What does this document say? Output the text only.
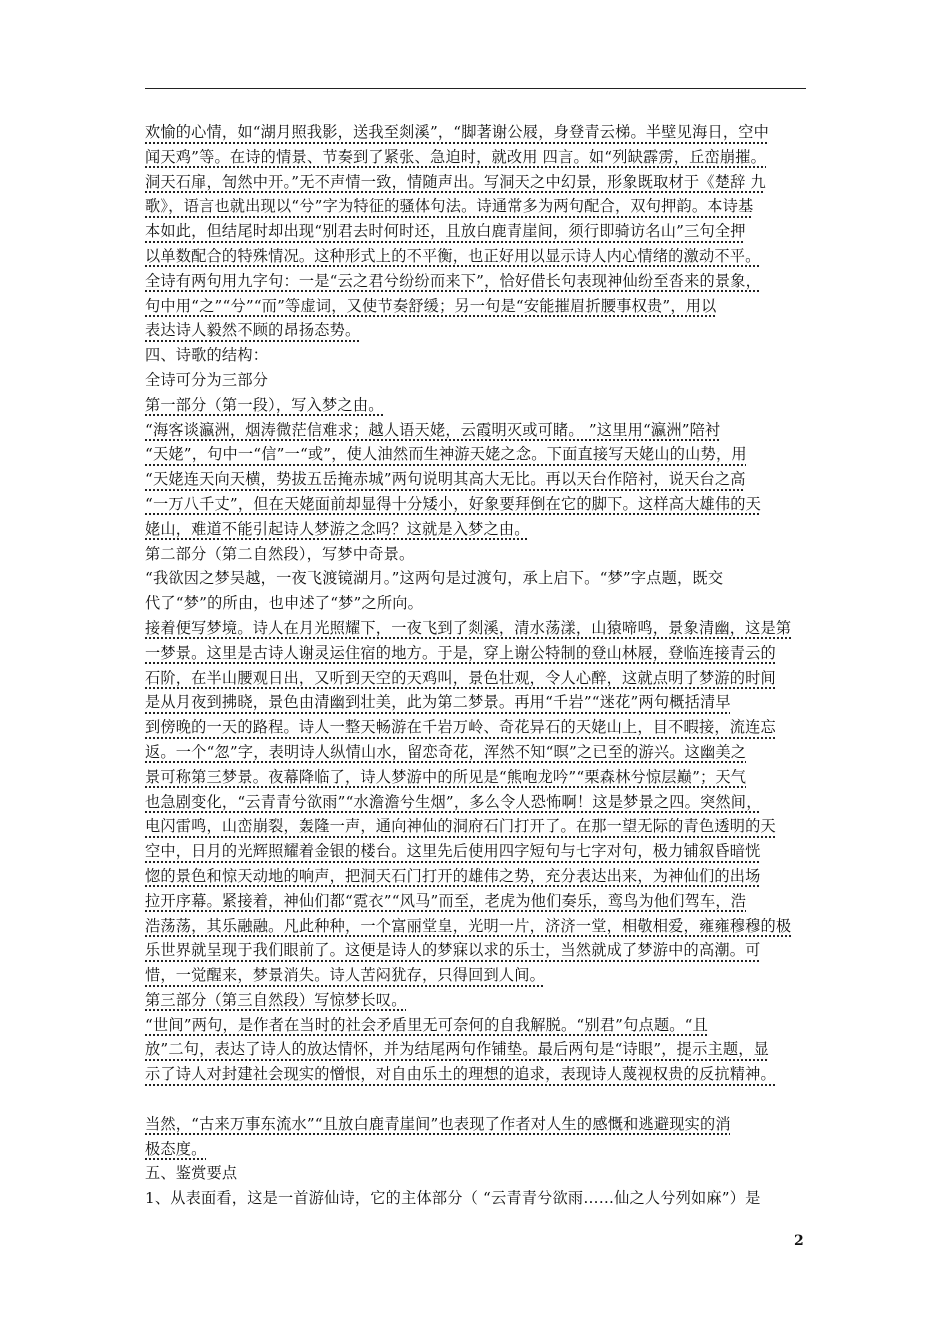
欢愉的心情，如“湖月照我影，送我至剡溪”，“脚著谢公屐，身登青云梯。半壁见海日，空中
闻天鸡”等。在诗的情景、节奏到了紧张、急迫时，就改用 四言。如“列缺霹雳，丘峦崩摧。
洞天石扉，訇然中开。”无不声情一致，情随声出。写洞天之中幻景，形象既取材于《楚辞 九
歌》，语言也就出现以“兮”字为特征的骚体句法。诗通常多为两句配合，双句押韵。本诗基
本如此，但结尾时却出现“别君去时何时还，且放白鹿青崖间，须行即骑访名山”三句全押
以单数配合的特殊情况。这种形式上的不平衡，也正好用以显示诗人内心情绪的激动不平。
全诗有两句用九字句：一是“云之君兮纷纷而来下”，恰好借长句表现神仙纷至沓来的景象，
句中用“之”“兮”“而”等虚词，又使节奏舒缓；另一句是“安能摧眉折腰事权贵”，用以
表达诗人毅然不顾的昂扬态势。
四、诗歌的结构：
全诗可分为三部分
第一部分（第一段），写入梦之由。
“海客谈瀛洲，烟涛微茫信难求；越人语天姥，云霞明灭或可睹。 ”这里用“瀛洲”陪衬
“天姥”，句中一“信”一“或”，使人油然而生神游天姥之念。下面直接写天姥山的山势，用
“天姥连天向天横，势拔五岳掩赤城”两句说明其高大无比。再以天台作陪衬，说天台之高
“一万八千丈”，但在天姥面前却显得十分矮小，好象要拜倒在它的脚下。这样高大雄伟的天
姥山，难道不能引起诗人梦游之念吗？这就是入梦之由。
第二部分（第二自然段），写梦中奇景。
“我欲因之梦吴越，一夜飞渡镜湖月。”这两句是过渡句，承上启下。“梦”字点题，既交
代了“梦”的所由，也申述了“梦”之所向。
接着便写梦境。诗人在月光照耀下，一夜飞到了剡溪，清水荡漾，山猿啼鸣，景象清幽，这是第
一梦景。这里是古诗人谢灵运住宿的地方。于是，穿上谢公特制的登山林屐，登临连接青云的
石阶，在半山腰观日出，又听到天空的天鸡叫，景色壮观，令人心醉，这就点明了梦游的时间
是从月夜到拂晓，景色由清幽到壮美，此为第二梦景。再用“千岩”“迷花”两句概括清早
到傍晚的一天的路程。诗人一整天畅游在千岩万岭、奇花异石的天姥山上，目不暇接，流连忘
返。一个“忽”字，表明诗人纵情山水，留恋奇花，浑然不知“暝”之已至的游兴。这幽美之
景可称第三梦景。夜幕降临了，诗人梦游中的所见是“熊咆龙吟”“栗森林兮惊层巅”；天气
也急剧变化，“云青青兮欲雨”“水澹澹兮生烟”，多么令人恐怖啊！这是梦景之四。突然间，
电闪雷鸣，山峦崩裂，轰隆一声，通向神仙的洞府石门打开了。在那一望无际的青色透明的天
空中，日月的光辉照耀着金银的楼台。这里先后使用四字短句与七字对句，极力铺叙昏暗恍
惚的景色和惊天动地的响声，把洞天石门打开的雄伟之势，充分表达出来，为神仙们的出场
拉开序幕。紧接着，神仙们都“霓衣”“风马”而至，老虎为他们奏乐，鸾鸟为他们驾车，浩
浩荡荡，其乐融融。凡此种种，一个富丽堂皇，光明一片，济济一堂，相敬相爱，雍雍穆穆的极
乐世界就呈现于我们眼前了。这便是诗人的梦寐以求的乐士，当然就成了梦游中的高潮。可
惜，一觉醒来，梦景消失。诗人苦闷犹存，只得回到人间。
第三部分（第三自然段）写惊梦长叹。
“世间”两句，是作者在当时的社会矛盾里无可奈何的自我解脱。“别君”句点题。“且
放”二句，表达了诗人的放达情怀，并为结尾两句作铺垫。最后两句是“诗眼”，提示主题，显
示了诗人对封建社会现实的憎恨，对自由乐土的理想的追求，表现诗人蔑视权贵的反抗精神。
当然，“古来万事东流水”“且放白鹿青崖间”也表现了作者对人生的感慨和逃避现实的消
极态度。
五、鉴赏要点
1、从表面看，这是一首游仙诗，它的主体部分（ “云青青兮欲雨……仙之人兮列如麻”）是
2
